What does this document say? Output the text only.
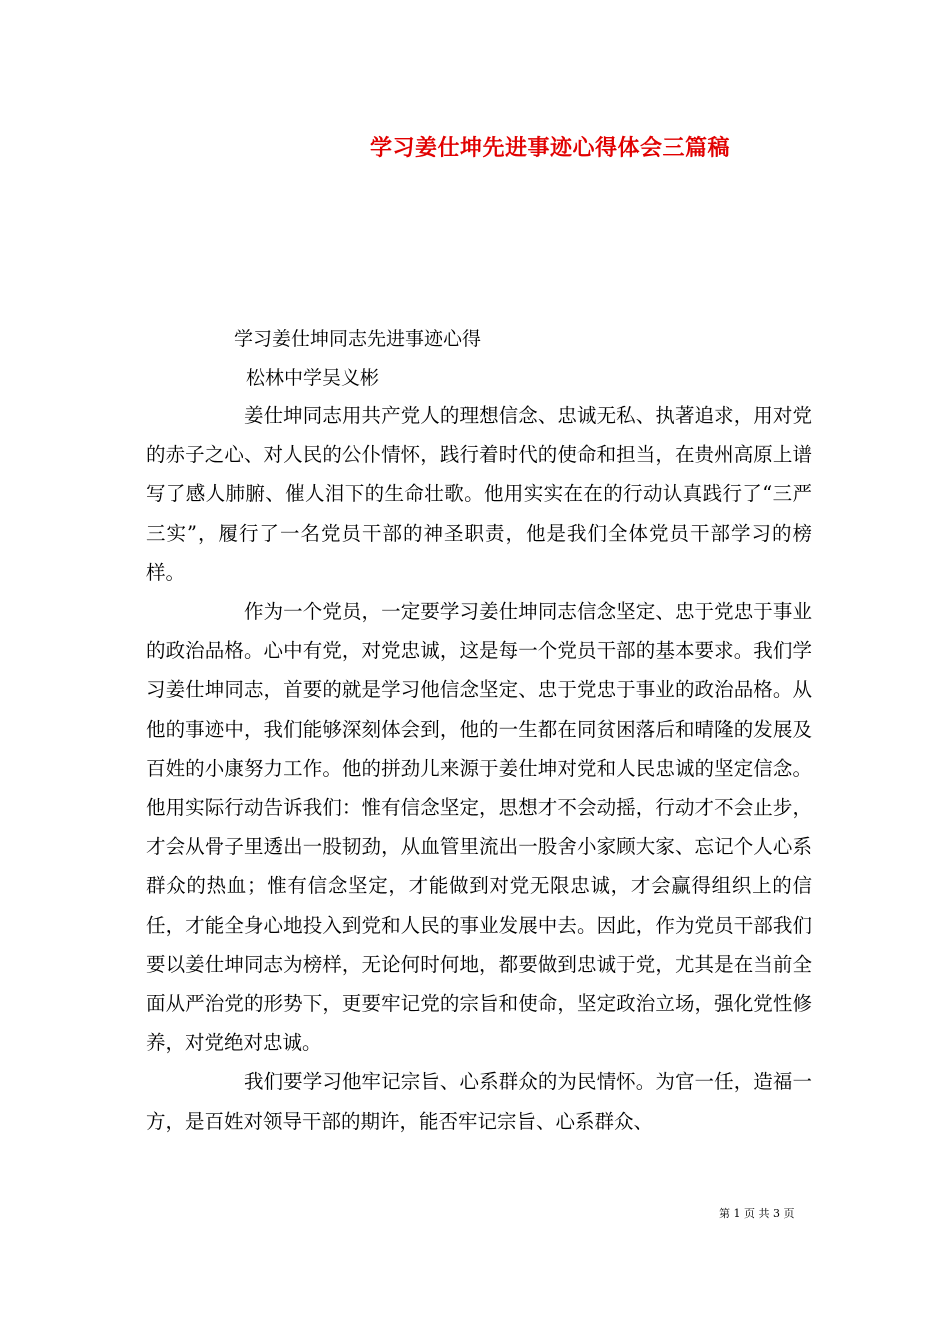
学习姜仕坤先进事迹心得体会三篇稿
学习姜仕坤同志先进事迹心得
松林中学吴义彬

姜仕坤同志用共产党人的理想信念、忠诚无私、执著追求，用对党的赤子之心、对人民的公仆情怀，践行着时代的使命和担当，在贵州高原上谱写了感人肺腑、催人泪下的生命壮歌。他用实实在在的行动认真践行了“三严三实”，履行了一名党员干部的神圣职责，他是我们全体党员干部学习的榜样。

作为一个党员，一定要学习姜仕坤同志信念坚定、忠于党忠于事业的政治品格。心中有党，对党忠诚，这是每一个党员干部的基本要求。我们学习姜仕坤同志，首要的就是学习他信念坚定、忠于党忠于事业的政治品格。从他的事迹中，我们能够深刻体会到，他的一生都在同贫困落后和晴隆的发展及百姓的小康努力工作。他的拼劲儿来源于姜仕坤对党和人民忠诚的坚定信念。他用实际行动告诉我们：惟有信念坚定，思想才不会动摇，行动才不会止步，才会从骨子里透出一股韧劲，从血管里流出一股舍小家顾大家、忘记个人心系群众的热血；惟有信念坚定，才能做到对党无限忠诚，才会赢得组织上的信任，才能全身心地投入到党和人民的事业发展中去。因此，作为党员干部我们要以姜仕坤同志为榜样，无论何时何地，都要做到忠诚于党，尤其是在当前全面从严治党的形势下，更要牢记党的宗旨和使命，坚定政治立场，强化党性修养，对党绝对忠诚。

我们要学习他牢记宗旨、心系群众的为民情怀。为官一任，造福一方，是百姓对领导干部的期许，能否牢记宗旨、心系群众、

第 1 页 共 3 页
